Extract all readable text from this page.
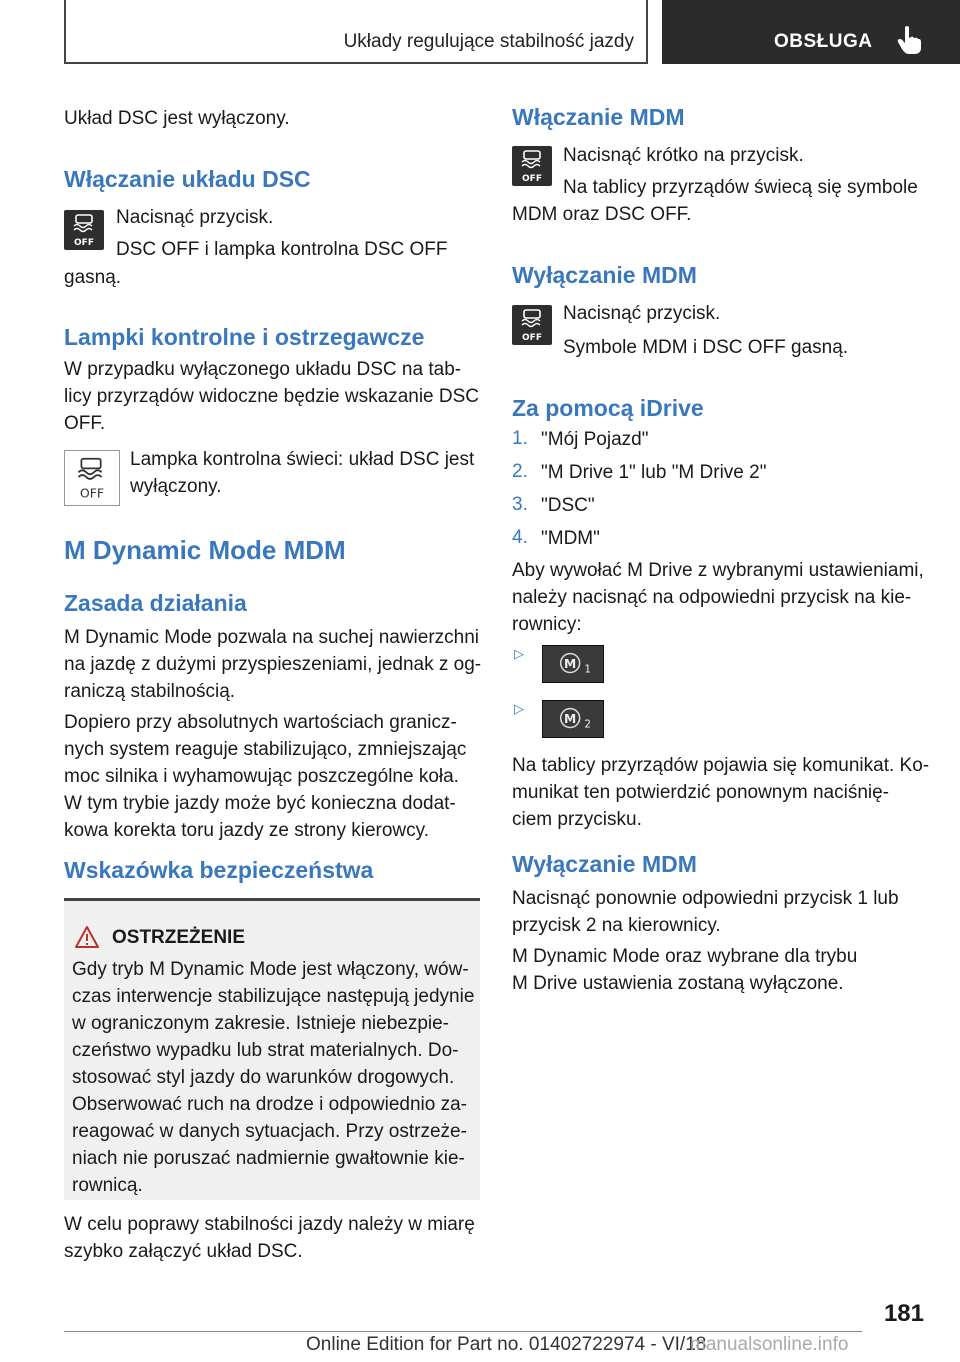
Układy regulujące stabilność jazdy	OBSŁUGA
Układ DSC jest wyłączony.
Włączanie układu DSC
OFF
Nacisnąć przycisk.
DSC OFF i lampka kontrolna DSC OFF
gasną.
Lampki kontrolne i ostrzegawcze
W przypadku wyłączonego układu DSC na tab-
licy przyrządów widoczne będzie wskazanie DSC
OFF.
OFF
Lampka kontrolna świeci: układ DSC jest
wyłączony.
M Dynamic Mode MDM
Zasada działania
M Dynamic Mode pozwala na suchej nawierzchni
na jazdę z dużymi przyspieszeniami, jednak z og-
raniczą stabilnością.
Dopiero przy absolutnych wartościach granicz-
nych system reaguje stabilizująco, zmniejszając
moc silnika i wyhamowując poszczególne koła.
W tym trybie jazdy może być konieczna dodat-
kowa korekta toru jazdy ze strony kierowcy.
Wskazówka bezpieczeństwa
OSTRZEŻENIE
Gdy tryb M Dynamic Mode jest włączony, wów-
czas interwencje stabilizujące następują jedynie
w ograniczonym zakresie. Istnieje niebezpie-
czeństwo wypadku lub strat materialnych. Do-
stosować styl jazdy do warunków drogowych.
Obserwować ruch na drodze i odpowiednio za-
reagować w danych sytuacjach. Przy ostrzeże-
niach nie poruszać nadmiernie gwałtownie kie-
rownicą.
W celu poprawy stabilności jazdy należy w miarę
szybko załączyć układ DSC.
Włączanie MDM
OFF
Nacisnąć krótko na przycisk.
Na tablicy przyrządów świecą się symbole
MDM oraz DSC OFF.
Wyłączanie MDM
OFF
Nacisnąć przycisk.
Symbole MDM i DSC OFF gasną.
Za pomocą iDrive
1. "Mój Pojazd"
2. "M Drive 1" lub "M Drive 2"
3. "DSC"
4. "MDM"
Aby wywołać M Drive z wybranymi ustawieniami,
należy nacisnąć na odpowiedni przycisk na kie-
rownicy:
▷
M 1
▷
M 2
Na tablicy przyrządów pojawia się komunikat. Ko-
munikat ten potwierdzić ponownym naciśnię-
ciem przycisku.
Wyłączanie MDM
Nacisnąć ponownie odpowiedni przycisk 1 lub
przycisk 2 na kierownicy.
M Dynamic Mode oraz wybrane dla trybu
M Drive ustawienia zostaną wyłączone.
181
Online Edition for Part no. 01402722974 - VI/18
manualsonline.info
